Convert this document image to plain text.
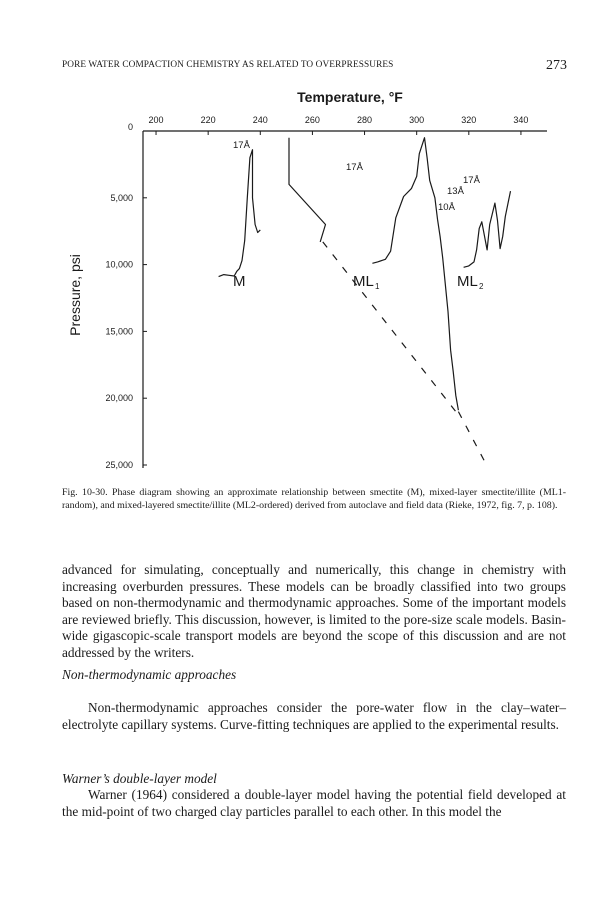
PORE WATER COMPACTION CHEMISTRY AS RELATED TO OVERPRESSURES	273
Temperature, °F
Pressure, psi
200	220	240	260	280	300	320	340
0
5,000
10,000
15,000
20,000
25,000
M	ML 1	ML 2
17Å
17Å
17Å
13Å
10Å
Fig. 10-30. Phase diagram showing an approximate relationship between smectite (M), mixed-layer smectite/illite (ML1-random), and mixed-layered smectite/illite (ML2-ordered) derived from autoclave and field data (Rieke, 1972, fig. 7, p. 108).

advanced for simulating, conceptually and numerically, this change in chemistry with increasing overburden pressures. These models can be broadly classified into two groups based on non-thermodynamic and thermodynamic approaches. Some of the important models are reviewed briefly. This discussion, however, is limited to the pore-size scale models. Basin-wide gigascopic-scale transport models are beyond the scope of this discussion and are not addressed by the writers.

Non-thermodynamic approaches

Non-thermodynamic approaches consider the pore-water flow in the clay–water–electrolyte capillary systems. Curve-fitting techniques are applied to the experimental results.

Warner’s double-layer model

Warner (1964) considered a double-layer model having the potential field developed at the mid-point of two charged clay particles parallel to each other. In this model the
